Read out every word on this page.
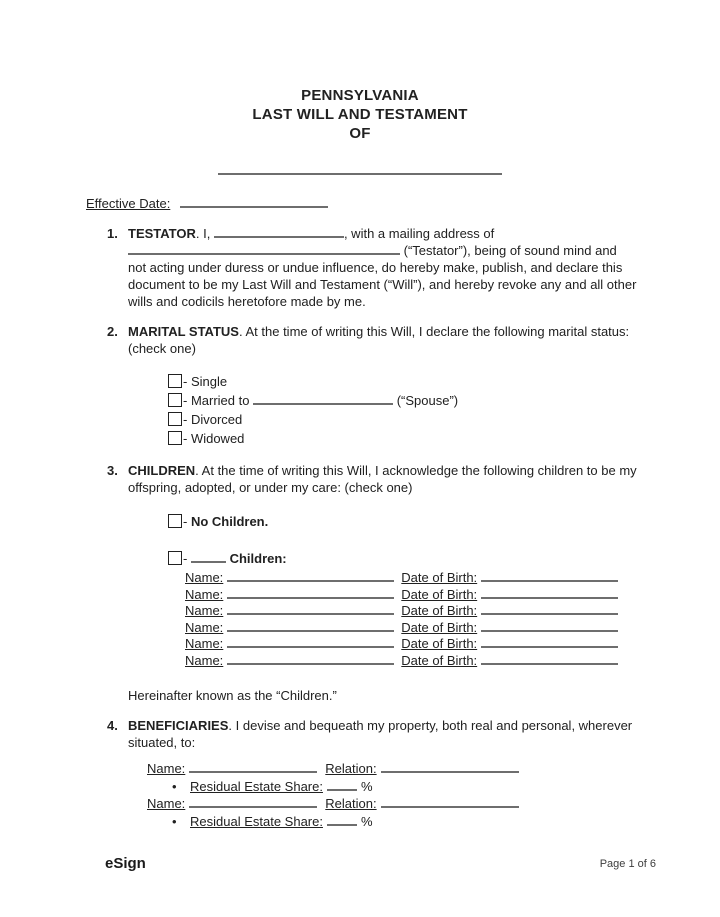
PENNSYLVANIA
LAST WILL AND TESTAMENT
OF
Effective Date:
1. TESTATOR. I,	, with a mailing address of  (“Testator”), being of sound mind and not acting under duress or undue influence, do hereby make, publish, and declare this document to be my Last Will and Testament (“Will”), and hereby revoke any and all other wills and codicils heretofore made by me.
2. MARITAL STATUS. At the time of writing this Will, I declare the following marital status: (check one)
- Single
- Married to	(“Spouse”)
- Divorced
- Widowed
3. CHILDREN. At the time of writing this Will, I acknowledge the following children to be my offspring, adopted, or under my care: (check one)
- No Children.
-	Children:
Name:	Date of Birth:
Name:	Date of Birth:
Name:	Date of Birth:
Name:	Date of Birth:
Name:	Date of Birth:
Name:	Date of Birth:
Hereinafter known as the “Children.”
4. BENEFICIARIES. I devise and bequeath my property, both real and personal, wherever situated, to:
Name:	Relation:
• Residual Estate Share:	%
Name:	Relation:
• Residual Estate Share:	%
eSign	Page 1 of 6
